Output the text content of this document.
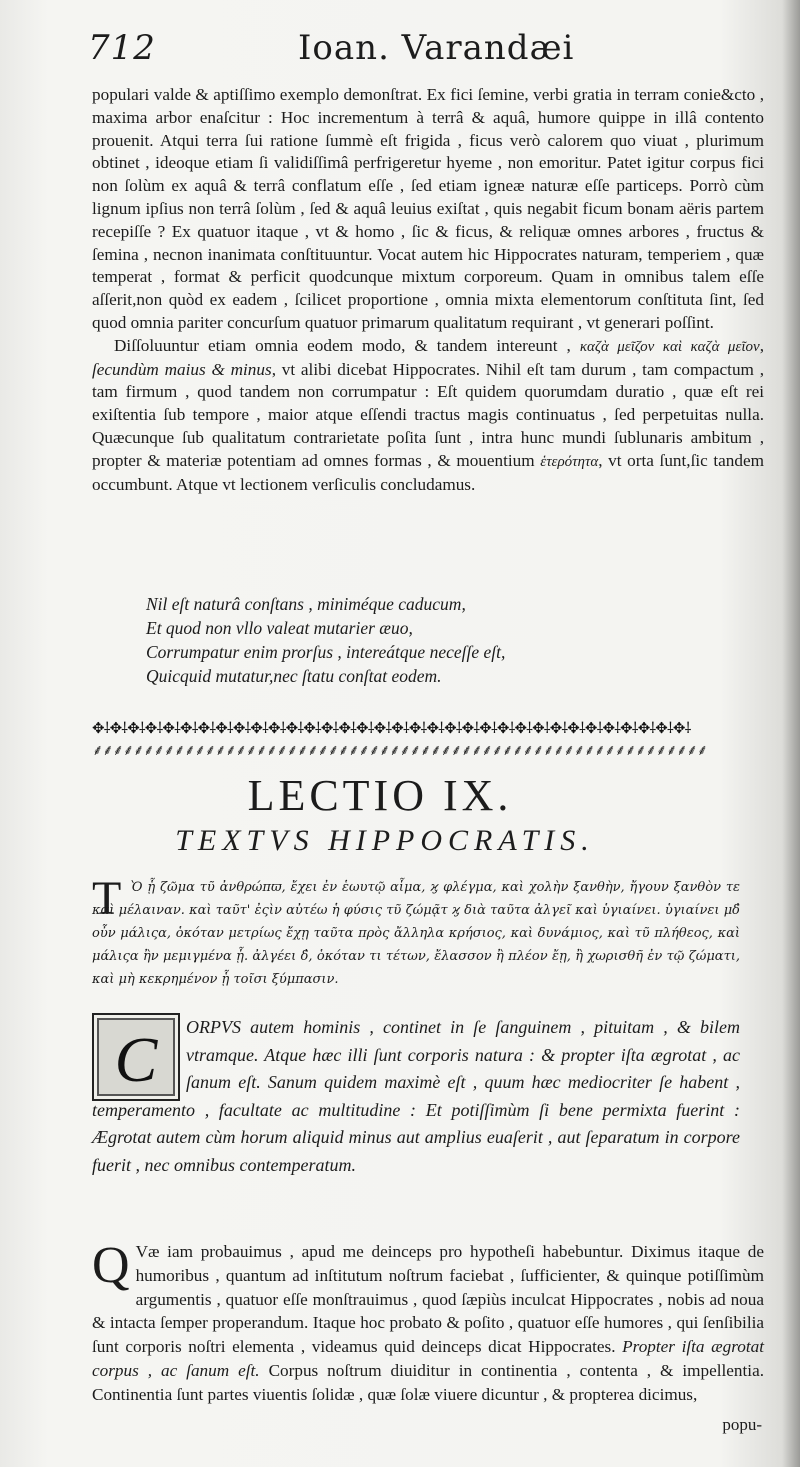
712	Ioan. Varandæi

populari valde & aptiſſimo exemplo demonſtrat. Ex fici ſemine, verbi gratia in terram conie&cto , maxima arbor enaſcitur : Hoc incrementum à terrâ & aquâ, humore quippe in illâ contento prouenit. Atqui terra ſui ratione ſummè eſt frigida , ficus verò calorem quo viuat , plurimum obtinet , ideoque etiam ſi validiſſimâ perfrigeretur hyeme , non emoritur. Patet igitur corpus fici non ſolùm ex aquâ & terrâ conflatum eſſe , ſed etiam igneæ naturæ eſſe particeps. Porrò cùm lignum ipſius non terrâ ſolùm , ſed & aquâ leuius exiſtat , quis negabit ficum bonam aëris partem recepiſſe ? Ex quatuor itaque , vt & homo , ſic & ficus, & reliquæ omnes arbores , fructus & ſemina , necnon inanimata conſtituuntur. Vocat autem hic Hippocrates naturam, temperiem , quæ temperat , format & perficit quodcunque mixtum corporeum. Quam in omnibus talem eſſe aſſerit,non quòd ex eadem , ſcilicet proportione , omnia mixta elementorum conſtituta ſint, ſed quod omnia pariter concurſum quatuor primarum qualitatum requirant , vt generari poſſint.

Diſſoluuntur etiam omnia eodem modo, & tandem intereunt , καζὰ μεῖζον καὶ καζὰ μεῖον, ſecundùm maius & minus, vt alibi dicebat Hippocrates. Nihil eſt tam durum , tam compactum , tam firmum , quod tandem non corrumpatur : Eſt quidem quorumdam duratio , quæ eſt rei exiſtentia ſub tempore , maior atque eſſendi tractus magis continuatus , ſed perpetuitas nulla. Quæcunque ſub qualitatum contrarietate poſita ſunt , intra hunc mundi ſublunaris ambitum , propter & materiæ potentiam ad omnes formas , & mouentium ἑτερότητα, vt orta ſunt,ſic tandem occumbunt. Atque vt lectionem verſiculis concludamus.

Nil eſt naturâ conſtans , miniméque caducum,
Et quod non vllo valeat mutarier æuo,
Corrumpatur enim prorſus , intereátque neceſſe eſt,
Quicquid mutatur,nec ſtatu conſtat eodem.
✥⸸✥⸸✥⸸✥⸸✥⸸✥⸸✥⸸✥⸸✥⸸✥⸸✥⸸✥⸸✥⸸✥⸸✥⸸✥⸸✥⸸✥⸸✥⸸✥⸸✥⸸✥⸸✥⸸✥⸸✥⸸✥⸸✥⸸✥⸸✥⸸✥⸸✥⸸✥⸸✥⸸✥⸸
⸙⸙⸙⸙⸙⸙⸙⸙⸙⸙⸙⸙⸙⸙⸙⸙⸙⸙⸙⸙⸙⸙⸙⸙⸙⸙⸙⸙⸙⸙⸙⸙⸙⸙⸙⸙⸙⸙⸙⸙⸙⸙⸙⸙⸙⸙⸙⸙⸙⸙⸙⸙⸙⸙⸙⸙⸙⸙⸙⸙
LECTIO IX.
TEXTVS HIPPOCRATIS.
T Ὸ ᾗ ζῶμα τῦ ἀνθρώπϖ, ἔχει ἐν ἑωυτῷ αἷμα, ϗ φλέγμα, καὶ χολὴν ξανθὴν, ἤγουν ξανθὸν τε καὶ μέλαιναν. καὶ ταῦτ' ἐςὶν αὐτέω ἡ φύσις τῦ ζώμᾷτ ϗ διὰ ταῦτα ἀλγεῖ καὶ ὑγιαίνει. ὑγιαίνει μδ̓ οὖν μάλιςα, ὁκόταν μετρίως ἔχῃ ταῦτα πρὸς ἄλληλα κρήσιος, καὶ δυνάμιος, καὶ τῦ πλήθεος, καὶ μάλιςα ἢν μεμιγμένα ᾗ. ἀλγέει δ̓, ὁκόταν τι τέτων, ἔλασσον ἢ πλέον ἔῃ, ἢ χωρισθῆ ἐν τῷ ζώματι, καὶ μὴ κεκρημένον ᾗ τοῖσι ξύμπασιν.
C	ORPVS autem hominis , continet in ſe ſanguinem , pituitam , & bilem vtramque. Atque hæc illi ſunt corporis natura : & propter iſta ægrotat , ac ſanum eſt. Sanum quidem maximè eſt , quum hæc mediocriter ſe habent , temperamento , facultate ac multitudine : Et potiſſimùm ſi bene permixta fuerint : Ægrotat autem cùm horum aliquid minus aut amplius euaſerit , aut ſeparatum in corpore fuerit , nec omnibus contemperatum.
Q Væ iam probauimus , apud me deinceps pro hypotheſi habebuntur. Diximus itaque de humoribus , quantum ad inſtitutum noſtrum faciebat , ſufficienter, & quinque potiſſimùm argumentis , quatuor eſſe monſtrauimus , quod ſæpiùs inculcat Hippocrates , nobis ad noua & intacta ſemper properandum. Itaque hoc probato & poſito , quatuor eſſe humores , qui ſenſibilia ſunt corporis noſtri elementa , videamus quid deinceps dicat Hippocrates. Propter iſta ægrotat corpus , ac ſanum eſt. Corpus noſtrum diuiditur in continentia , contenta , & impellentia. Continentia ſunt partes viuentis ſolidæ , quæ ſolæ viuere dicuntur , & propterea dicimus,
popu-
